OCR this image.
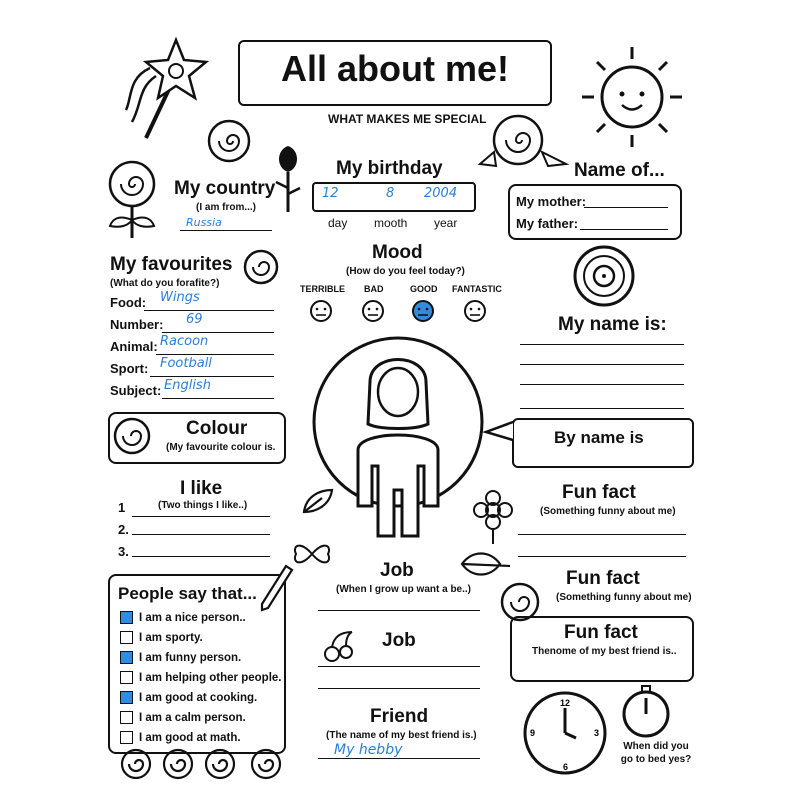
All about me!
WHAT MAKES ME SPECIAL
My birthday
12	8 2004
day mooth year
My country
(I am from...)
Russia
Name of...
My mother:
My father:
My favourites
(What do you forafite?)
Food: Wings
Number: 69
Animal: Racoon
Sport: Football
Subject: English
Mood
(How do you feel today?)
TERRIBLE BAD	GOOD FANTASTIC
My name is:
Colour
(My favourite colour is.
By name is
I like
(Two things I like..)
1
2.
3.
Fun fact
(Something funny about me)
Fun fact
(Something funny about me)
Fun fact
Thenome of my best friend is..
Job
(When I grow up want a be..)
Job
Friend
(The name of my best friend is.)
My hebby
People say that...
I am a nice person..
I am sporty.
I am funny person.
I am helping other people.
I am good at cooking.
I am a calm person.
I am good at math.
12
3
6
9
When did you go to bed yes?
